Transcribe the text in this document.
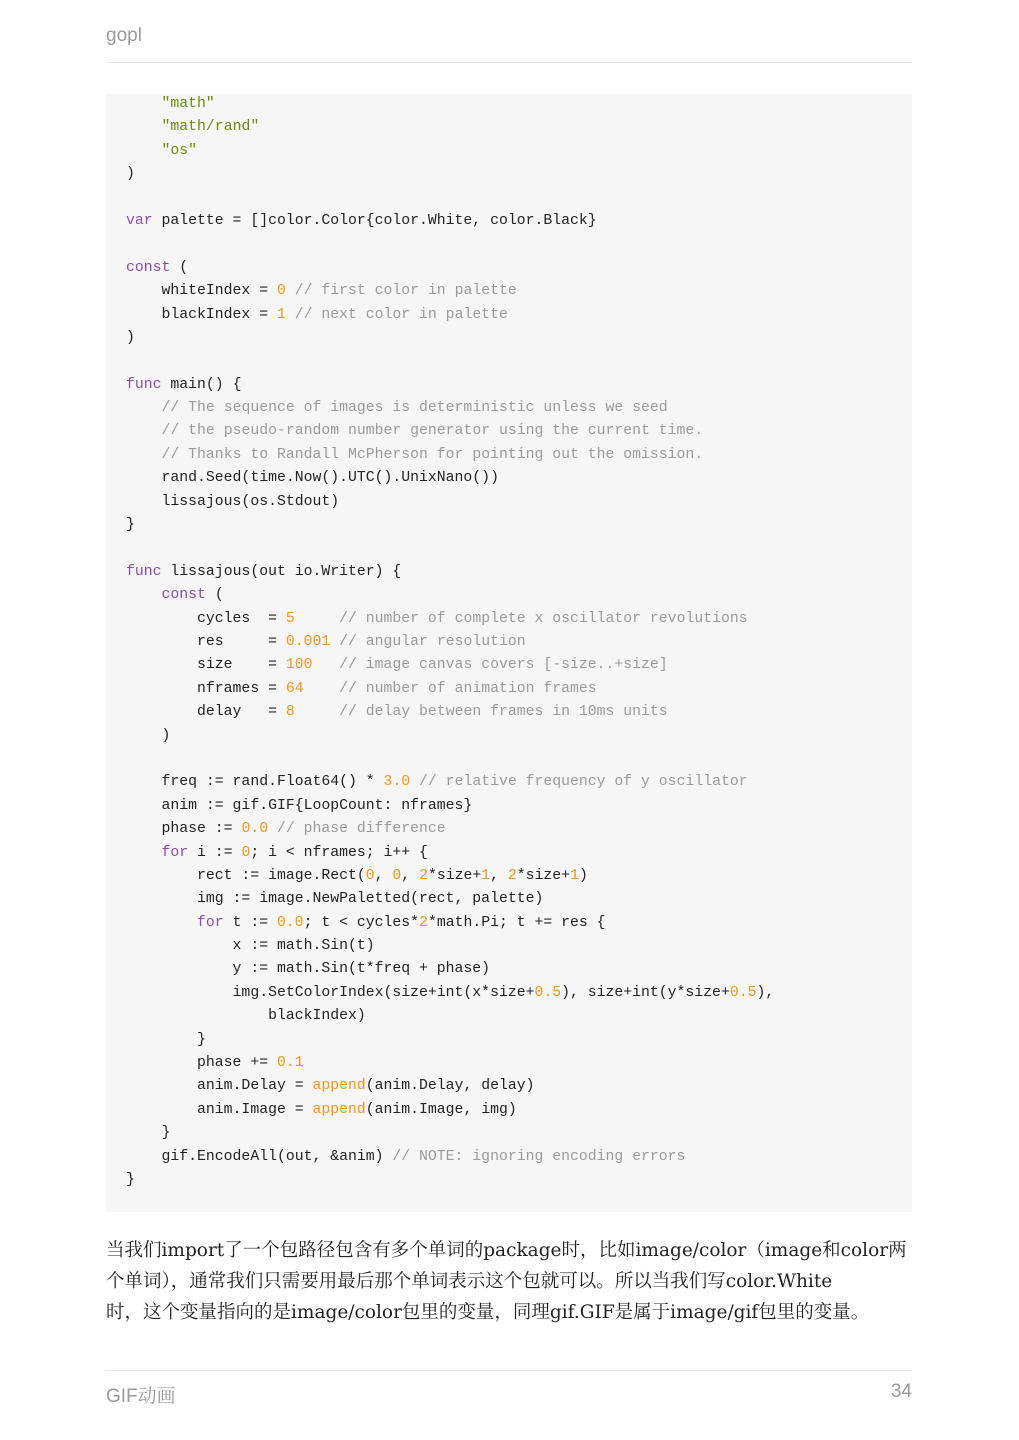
gopl
"math"
"math/rand"
"os"
)
var palette = []color.Color{color.White, color.Black}
const (
whiteIndex = 0 // first color in palette
blackIndex = 1 // next color in palette
)
func main() {
// The sequence of images is deterministic unless we seed
// the pseudo-random number generator using the current time.
// Thanks to Randall McPherson for pointing out the omission.
rand.Seed(time.Now().UTC().UnixNano())
lissajous(os.Stdout)
}
func lissajous(out io.Writer) {
const (
cycles  = 5	// number of complete x oscillator revolutions
res     = 0.001 // angular resolution
size    = 100 // image canvas covers [-size..+size]
nframes = 64 // number of animation frames
delay   = 8	// delay between frames in 10ms units
)
freq := rand.Float64() * 3.0 // relative frequency of y oscillator
anim := gif.GIF{LoopCount: nframes}
phase := 0.0 // phase difference
for i := 0; i < nframes; i++ {
rect := image.Rect(0, 0, 2*size+1, 2*size+1)
img := image.NewPaletted(rect, palette)
for t := 0.0; t < cycles*2*math.Pi; t += res {
x := math.Sin(t)
y := math.Sin(t*freq + phase)
img.SetColorIndex(size+int(x*size+0.5), size+int(y*size+0.5),
blackIndex)
}
phase += 0.1
anim.Delay = append(anim.Delay, delay)
anim.Image = append(anim.Image, img)
}
gif.EncodeAll(out, &anim) // NOTE: ignoring encoding errors
}
当我们import了一个包路径包含有多个单词的package时，比如image/color（image和color两
个单词），通常我们只需要用最后那个单词表示这个包就可以。所以当我们写color.White
时，这个变量指向的是image/color包里的变量，同理gif.GIF是属于image/gif包里的变量。
GIF动画	34
